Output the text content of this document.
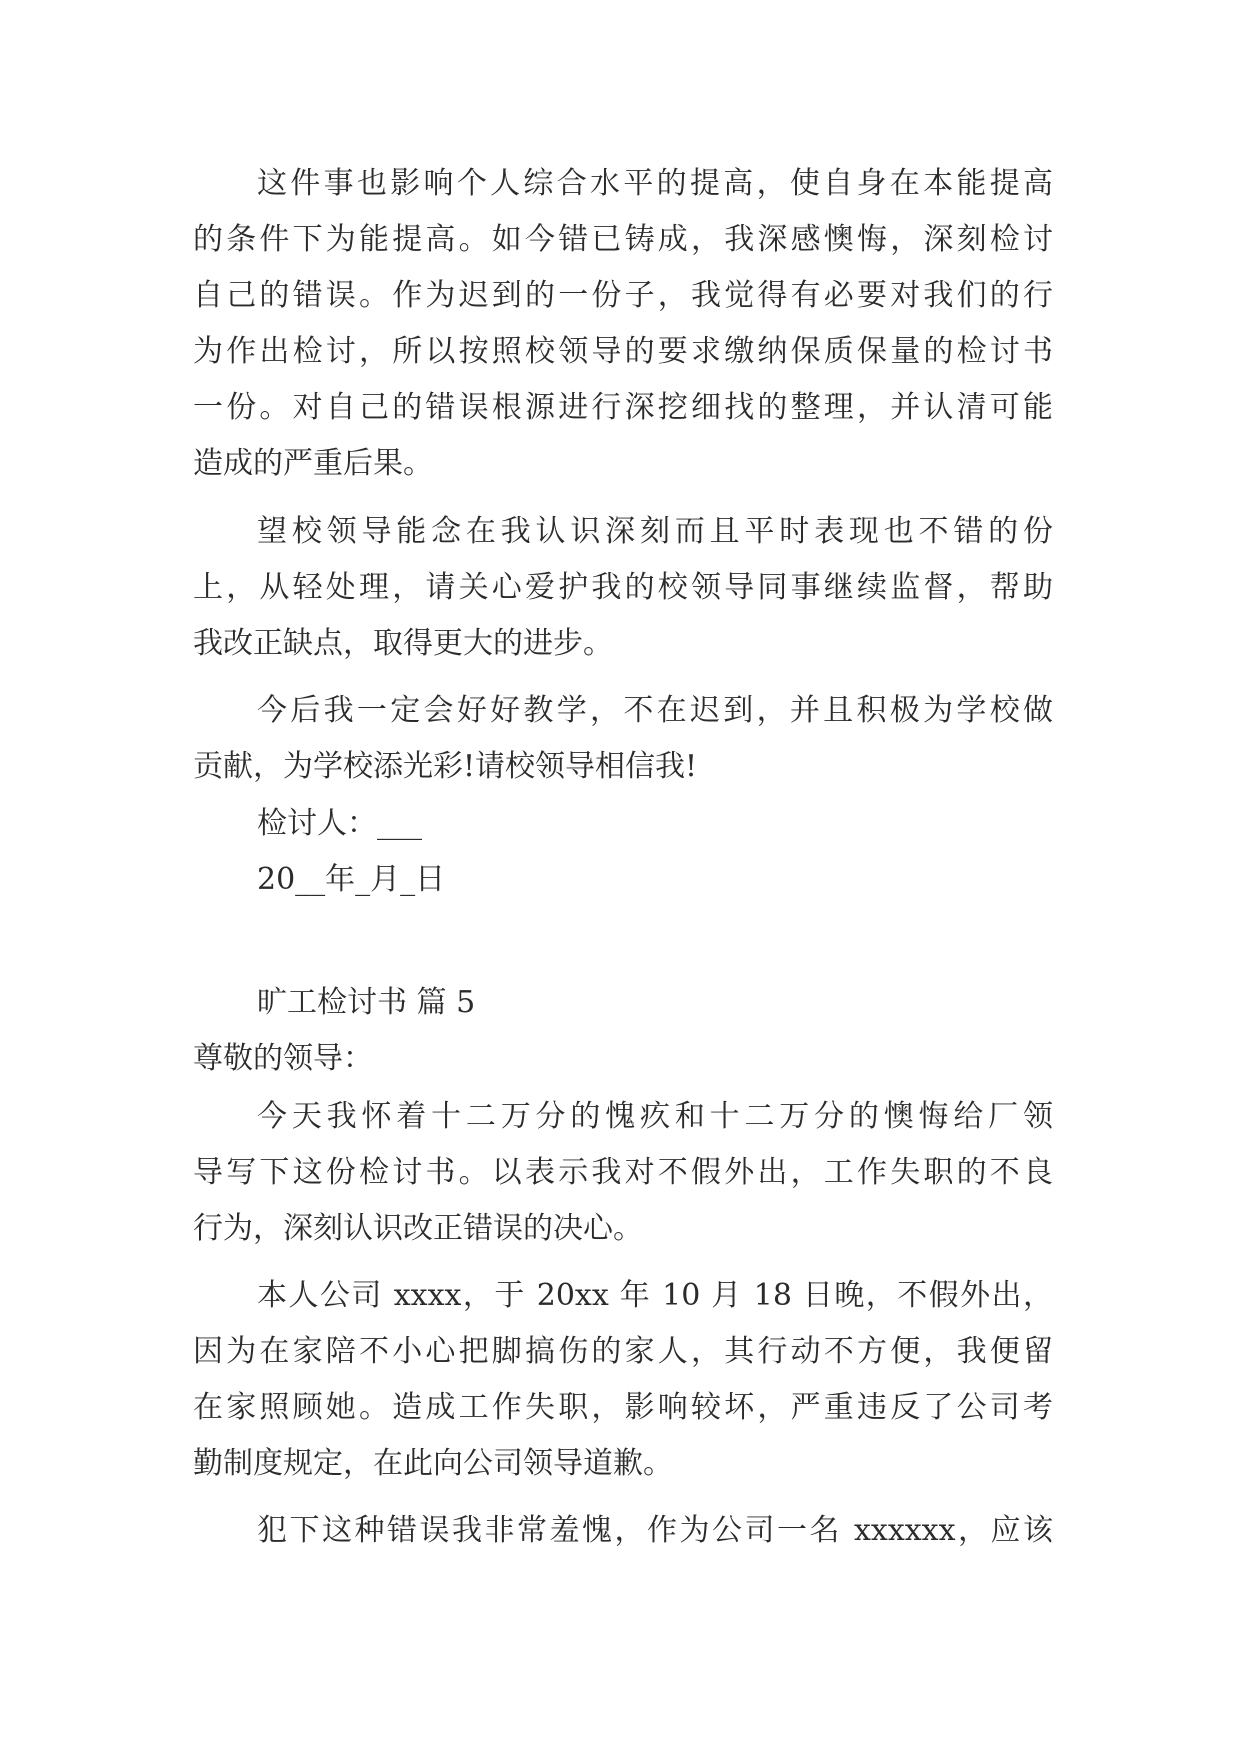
这件事也影响个人综合水平的提高，使自身在本能提高
的条件下为能提高。如今错已铸成，我深感懊悔，深刻检讨
自己的错误。作为迟到的一份子，我觉得有必要对我们的行
为作出检讨，所以按照校领导的要求缴纳保质保量的检讨书
一份。对自己的错误根源进行深挖细找的整理，并认清可能
造成的严重后果。
望校领导能念在我认识深刻而且平时表现也不错的份
上，从轻处理，请关心爱护我的校领导同事继续监督，帮助
我改正缺点，取得更大的进步。
今后我一定会好好教学，不在迟到，并且积极为学校做
贡献，为学校添光彩!请校领导相信我!
检讨人：___
20__年_月_日
旷工检讨书 篇 5
尊敬的领导：
今天我怀着十二万分的愧疚和十二万分的懊悔给厂领
导写下这份检讨书。以表示我对不假外出，工作失职的不良
行为，深刻认识改正错误的决心。
本人公司 xxxx，于 20xx 年 10 月 18 日晚，不假外出，
因为在家陪不小心把脚搞伤的家人，其行动不方便，我便留
在家照顾她。造成工作失职，影响较坏，严重违反了公司考
勤制度规定，在此向公司领导道歉。
犯下这种错误我非常羞愧，作为公司一名 xxxxxx，应该
